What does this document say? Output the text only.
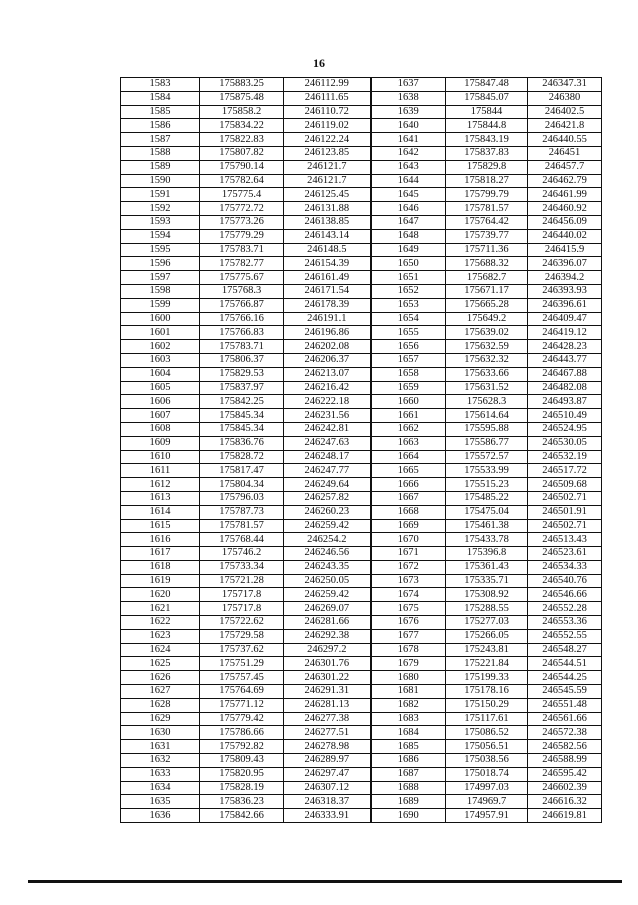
16
1583	175883.25	246112.99	1637	175847.48	246347.31
1584	175875.48	246111.65	1638	175845.07	246380
1585	175858.2	246110.72	1639	175844	246402.5
1586	175834.22	246119.02	1640	175844.8	246421.8
1587	175822.83	246122.24	1641	175843.19	246440.55
1588	175807.82	246123.85	1642	175837.83	246451
1589	175790.14	246121.7	1643	175829.8	246457.7
1590	175782.64	246121.7	1644	175818.27	246462.79
1591	175775.4	246125.45	1645	175799.79	246461.99
1592	175772.72	246131.88	1646	175781.57	246460.92
1593	175773.26	246138.85	1647	175764.42	246456.09
1594	175779.29	246143.14	1648	175739.77	246440.02
1595	175783.71	246148.5	1649	175711.36	246415.9
1596	175782.77	246154.39	1650	175688.32	246396.07
1597	175775.67	246161.49	1651	175682.7	246394.2
1598	175768.3	246171.54	1652	175671.17	246393.93
1599	175766.87	246178.39	1653	175665.28	246396.61
1600	175766.16	246191.1	1654	175649.2	246409.47
1601	175766.83	246196.86	1655	175639.02	246419.12
1602	175783.71	246202.08	1656	175632.59	246428.23
1603	175806.37	246206.37	1657	175632.32	246443.77
1604	175829.53	246213.07	1658	175633.66	246467.88
1605	175837.97	246216.42	1659	175631.52	246482.08
1606	175842.25	246222.18	1660	175628.3	246493.87
1607	175845.34	246231.56	1661	175614.64	246510.49
1608	175845.34	246242.81	1662	175595.88	246524.95
1609	175836.76	246247.63	1663	175586.77	246530.05
1610	175828.72	246248.17	1664	175572.57	246532.19
1611	175817.47	246247.77	1665	175533.99	246517.72
1612	175804.34	246249.64	1666	175515.23	246509.68
1613	175796.03	246257.82	1667	175485.22	246502.71
1614	175787.73	246260.23	1668	175475.04	246501.91
1615	175781.57	246259.42	1669	175461.38	246502.71
1616	175768.44	246254.2	1670	175433.78	246513.43
1617	175746.2	246246.56	1671	175396.8	246523.61
1618	175733.34	246243.35	1672	175361.43	246534.33
1619	175721.28	246250.05	1673	175335.71	246540.76
1620	175717.8	246259.42	1674	175308.92	246546.66
1621	175717.8	246269.07	1675	175288.55	246552.28
1622	175722.62	246281.66	1676	175277.03	246553.36
1623	175729.58	246292.38	1677	175266.05	246552.55
1624	175737.62	246297.2	1678	175243.81	246548.27
1625	175751.29	246301.76	1679	175221.84	246544.51
1626	175757.45	246301.22	1680	175199.33	246544.25
1627	175764.69	246291.31	1681	175178.16	246545.59
1628	175771.12	246281.13	1682	175150.29	246551.48
1629	175779.42	246277.38	1683	175117.61	246561.66
1630	175786.66	246277.51	1684	175086.52	246572.38
1631	175792.82	246278.98	1685	175056.51	246582.56
1632	175809.43	246289.97	1686	175038.56	246588.99
1633	175820.95	246297.47	1687	175018.74	246595.42
1634	175828.19	246307.12	1688	174997.03	246602.39
1635	175836.23	246318.37	1689	174969.7	246616.32
1636	175842.66	246333.91	1690	174957.91	246619.81
